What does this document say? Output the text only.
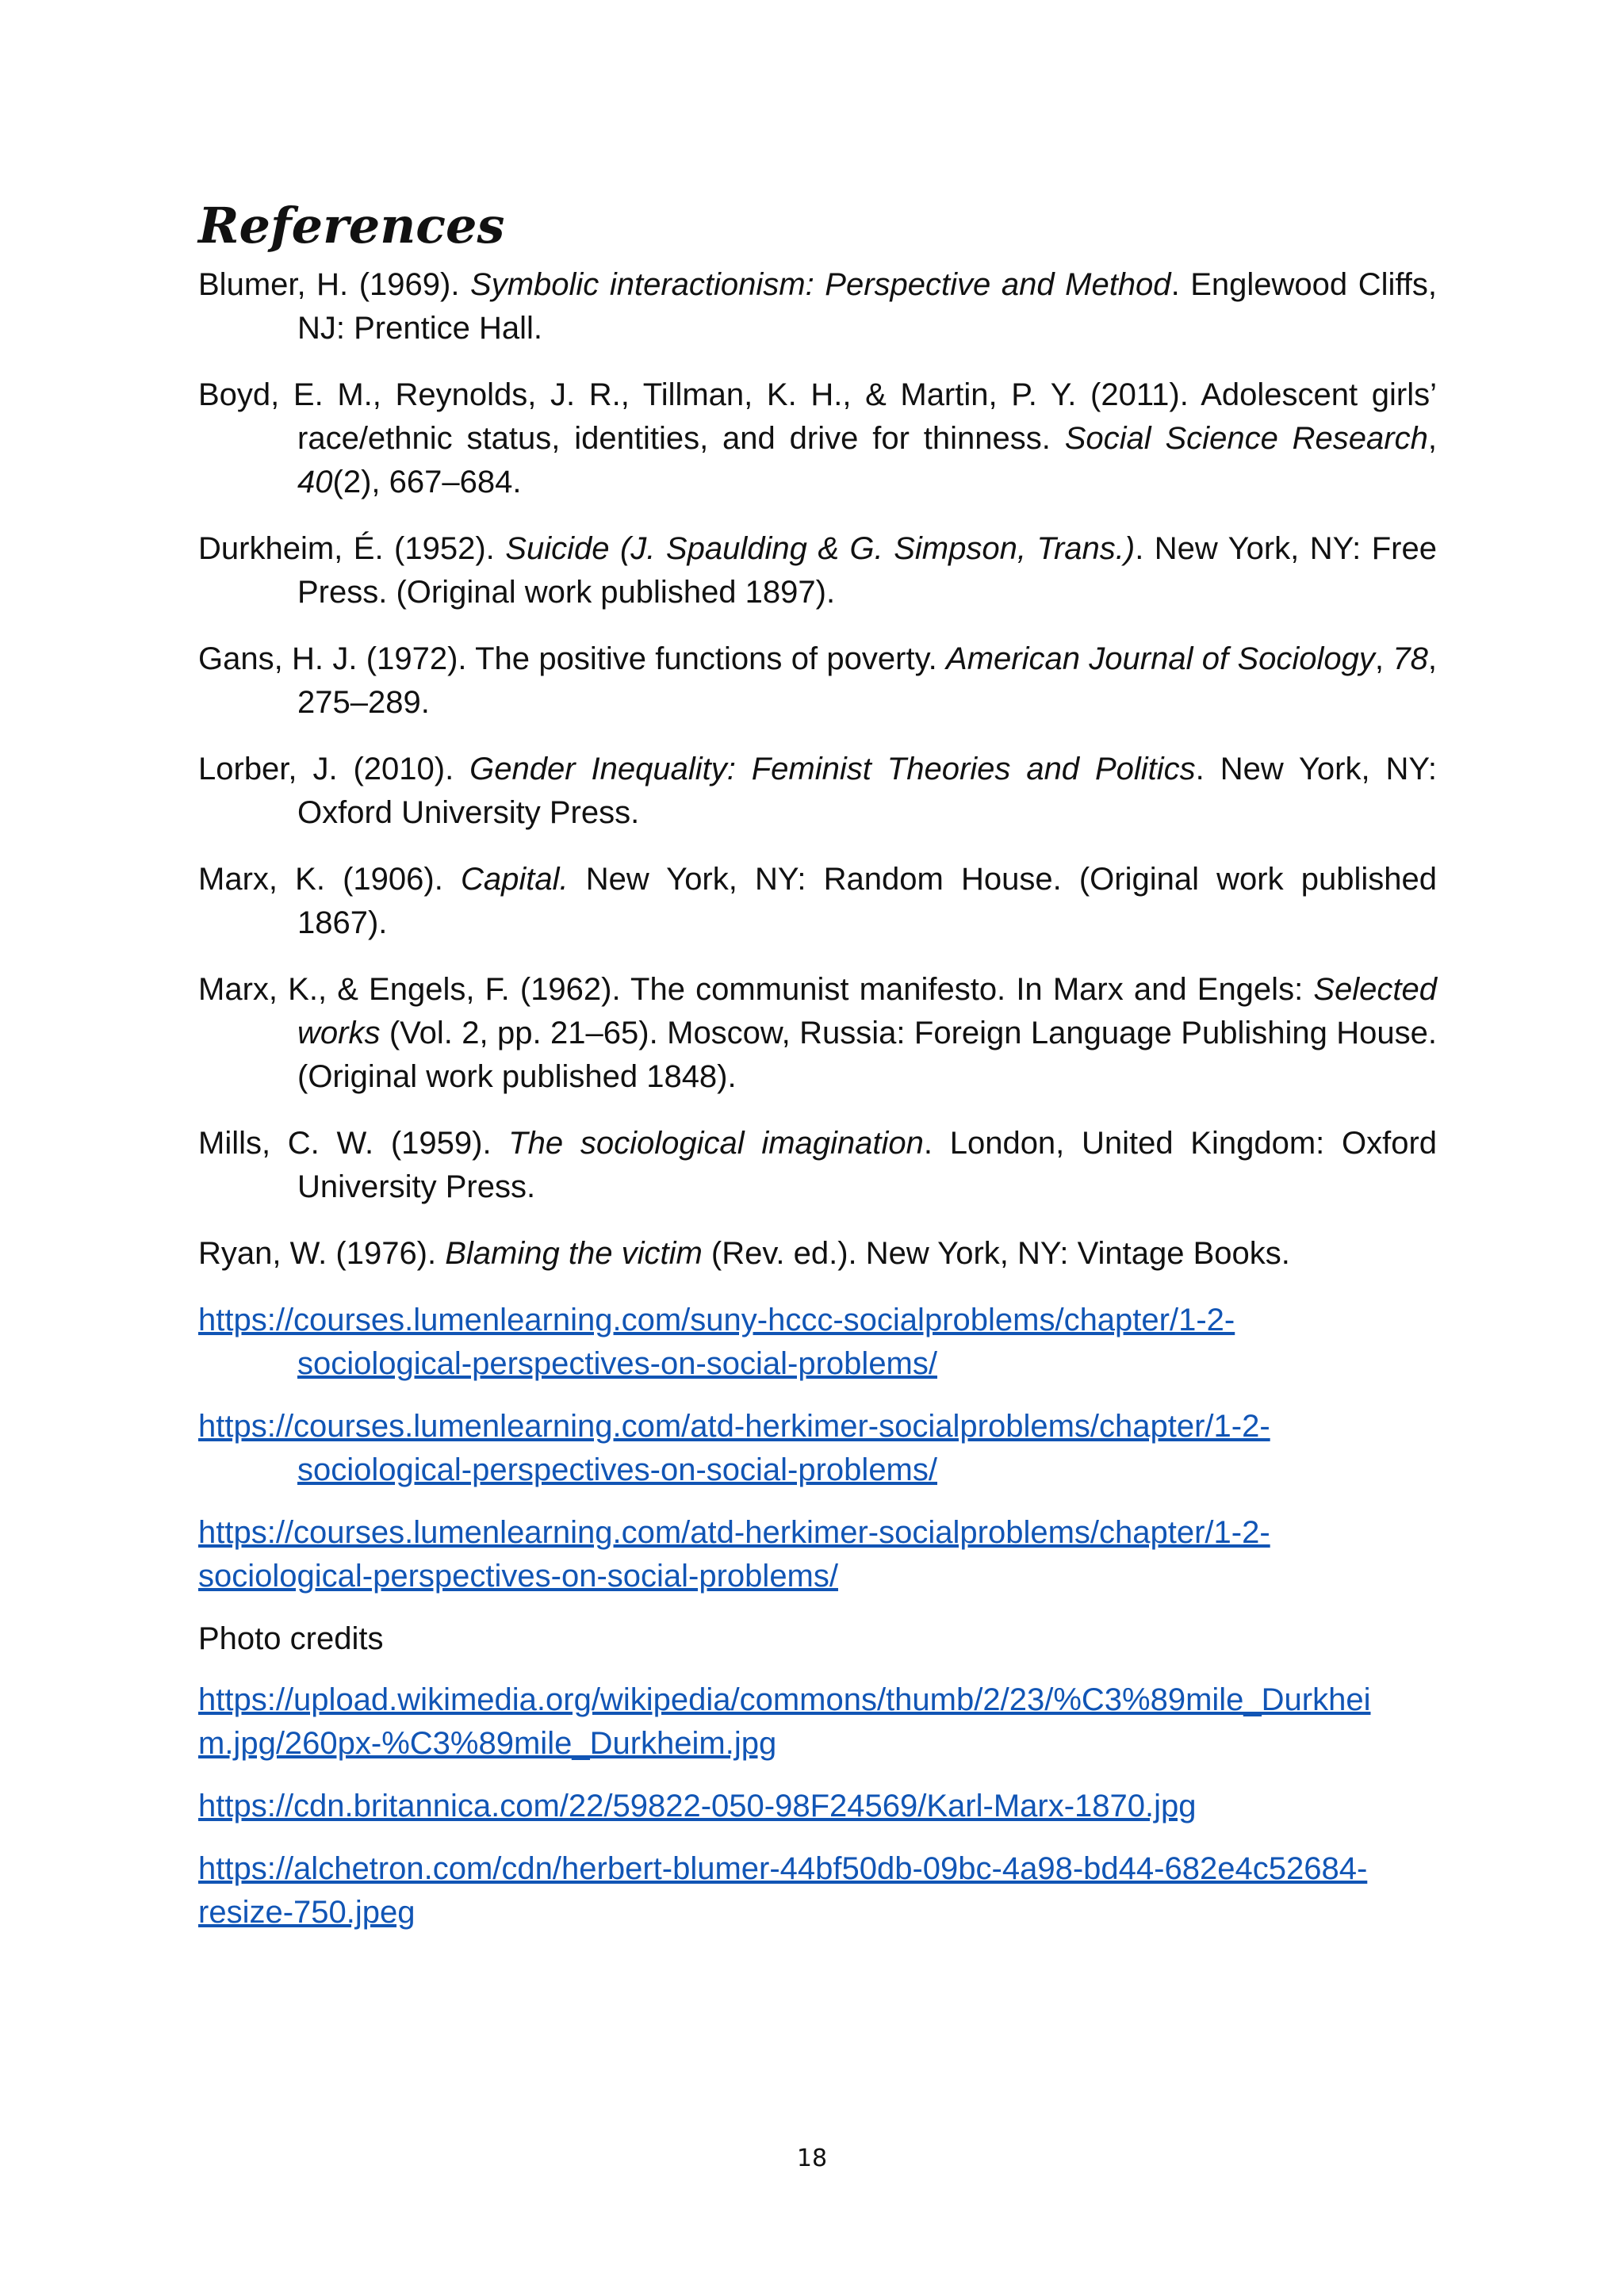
References

Blumer, H. (1969). Symbolic interactionism: Perspective and Method. Englewood Cliffs, NJ: Prentice Hall.

Boyd, E. M., Reynolds, J. R., Tillman, K. H., & Martin, P. Y. (2011). Adolescent girls’ race/ethnic status, identities, and drive for thinness. Social Science Research, 40(2), 667–684.

Durkheim, É. (1952). Suicide (J. Spaulding & G. Simpson, Trans.). New York, NY: Free Press. (Original work published 1897).

Gans, H. J. (1972). The positive functions of poverty. American Journal of Sociology, 78, 275–289.

Lorber, J. (2010). Gender Inequality: Feminist Theories and Politics. New York, NY: Oxford University Press.

Marx, K. (1906). Capital. New York, NY: Random House. (Original work published 1867).

Marx, K., & Engels, F. (1962). The communist manifesto. In Marx and Engels: Selected works (Vol. 2, pp. 21–65). Moscow, Russia: Foreign Language Publishing House. (Original work published 1848).

Mills, C. W. (1959). The sociological imagination. London, United Kingdom: Oxford University Press.

Ryan, W. (1976). Blaming the victim (Rev. ed.). New York, NY: Vintage Books.

https://courses.lumenlearning.com/suny-hccc-socialproblems/chapter/1-2-
sociological-perspectives-on-social-problems/
https://courses.lumenlearning.com/atd-herkimer-socialproblems/chapter/1-2-
sociological-perspectives-on-social-problems/
https://courses.lumenlearning.com/atd-herkimer-socialproblems/chapter/1-2-
sociological-perspectives-on-social-problems/
Photo credits
https://upload.wikimedia.org/wikipedia/commons/thumb/2/23/%C3%89mile_Durkhei
m.jpg/260px-%C3%89mile_Durkheim.jpg
https://cdn.britannica.com/22/59822-050-98F24569/Karl-Marx-1870.jpg
https://alchetron.com/cdn/herbert-blumer-44bf50db-09bc-4a98-bd44-682e4c52684-
resize-750.jpeg
18
